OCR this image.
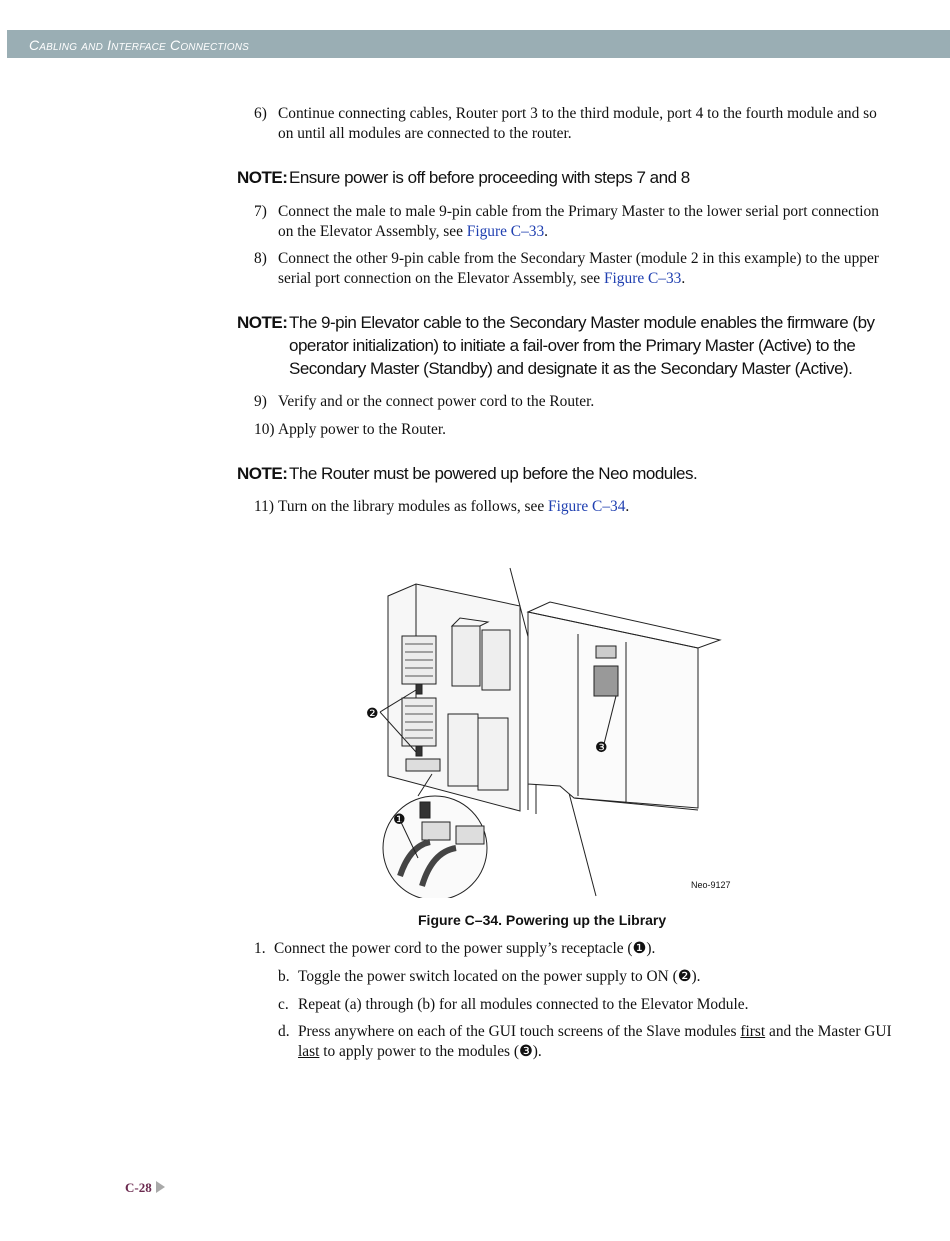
Cabling and Interface Connections
6) Continue connecting cables, Router port 3 to the third module, port 4 to the fourth module and so on until all modules are connected to the router.
NOTE: Ensure power is off before proceeding with steps 7 and 8
7) Connect the male to male 9-pin cable from the Primary Master to the lower serial port connection on the Elevator Assembly, see Figure C–33.
8) Connect the other 9-pin cable from the Secondary Master (module 2 in this example) to the upper serial port connection on the Elevator Assembly, see Figure C–33.
NOTE: The 9-pin Elevator cable to the Secondary Master module enables the firmware (by operator initialization) to initiate a fail-over from the Primary Master (Active) to the Secondary Master (Standby) and designate it as the Secondary Master (Active).
9) Verify and or the connect power cord to the Router.
10) Apply power to the Router.
NOTE: The Router must be powered up before the Neo modules.
11) Turn on the library modules as follows, see Figure C–34.
❶
❷
❸
Neo-9127
Figure C–34. Powering up the Library
1. Connect the power cord to the power supply’s receptacle (❶).
b. Toggle the power switch located on the power supply to ON (❷).
c. Repeat (a) through (b) for all modules connected to the Elevator Module.
d. Press anywhere on each of the GUI touch screens of the Slave modules first and the Master GUI last to apply power to the modules (❸).
C-28
